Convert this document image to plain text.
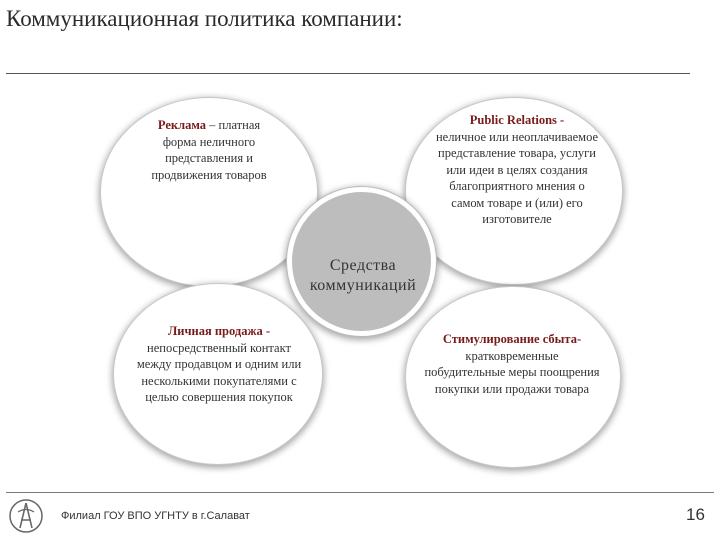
Коммуникационная политика компании:
Средства
коммуникаций
Реклама – платная форма неличного представления и продвижения товаров
Public Relations -
неличное или неоплачиваемое представление товара, услуги или идеи в целях создания благоприятного мнения о самом товаре и (или) его изготовителе
Личная продажа -
непосредственный контакт между продавцом и одним или несколькими покупателями с целью совершения покупок
Стимулирование сбыта-
кратковременные побудительные меры поощрения покупки или продажи товара
Филиал ГОУ ВПО УГНТУ в г.Салават	16
